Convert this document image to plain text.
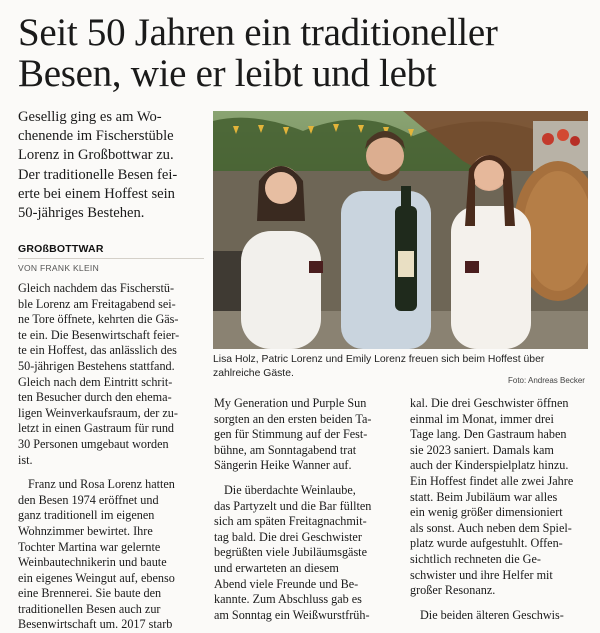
Seit 50 Jahren ein traditioneller
Besen, wie er leibt und lebt
Gesellig ging es am Wo-
chenende im Fischerstüble
Lorenz in Großbottwar zu.
Der traditionelle Besen fei-
erte bei einem Hoffest sein
50-jähriges Bestehen.
GROßBOTTWAR
VON FRANK KLEIN
Gleich nachdem das Fischerstü-
ble Lorenz am Freitagabend sei-
ne Tore öffnete, kehrten die Gäs-
te ein. Die Besenwirtschaft feier-
te ein Hoffest, das anlässlich des
50-jährigen Bestehens stattfand.
Gleich nach dem Eintritt schrit-
ten Besucher durch den ehema-
ligen Weinverkaufsraum, der zu-
letzt in einen Gastraum für rund
30 Personen umgebaut worden
ist.
Franz und Rosa Lorenz hatten
den Besen 1974 eröffnet und
ganz traditionell im eigenen
Wohnzimmer bewirtet. Ihre
Tochter Martina war gelernte
Weinbautechnikerin und baute
ein eigenes Weingut auf, ebenso
eine Brennerei. Sie baute den
traditionellen Besen auch zur
Besenwirtschaft um. 2017 starb
Lisa Holz, Patric Lorenz und Emily Lorenz freuen sich beim Hoffest über
zahlreiche Gäste.
Foto: Andreas Becker
My Generation und Purple Sun
sorgten an den ersten beiden Ta-
gen für Stimmung auf der Fest-
bühne, am Sonntagabend trat
Sängerin Heike Wanner auf.
Die überdachte Weinlaube,
das Partyzelt und die Bar füllten
sich am späten Freitagnachmit-
tag bald. Die drei Geschwister
begrüßten viele Jubiläumsgäste
und erwarteten an diesem
Abend viele Freunde und Be-
kannte. Zum Abschluss gab es
am Sonntag ein Weißwurstfrüh-
kal. Die drei Geschwister öffnen
einmal im Monat, immer drei
Tage lang. Den Gastraum haben
sie 2023 saniert. Damals kam
auch der Kinderspielplatz hinzu.
Ein Hoffest findet alle zwei Jahre
statt. Beim Jubiläum war alles
ein wenig größer dimensioniert
als sonst. Auch neben dem Spiel-
platz wurde aufgestuhlt. Offen-
sichtlich rechneten die Ge-
schwister und ihre Helfer mit
großer Resonanz.
Die beiden älteren Geschwis-
